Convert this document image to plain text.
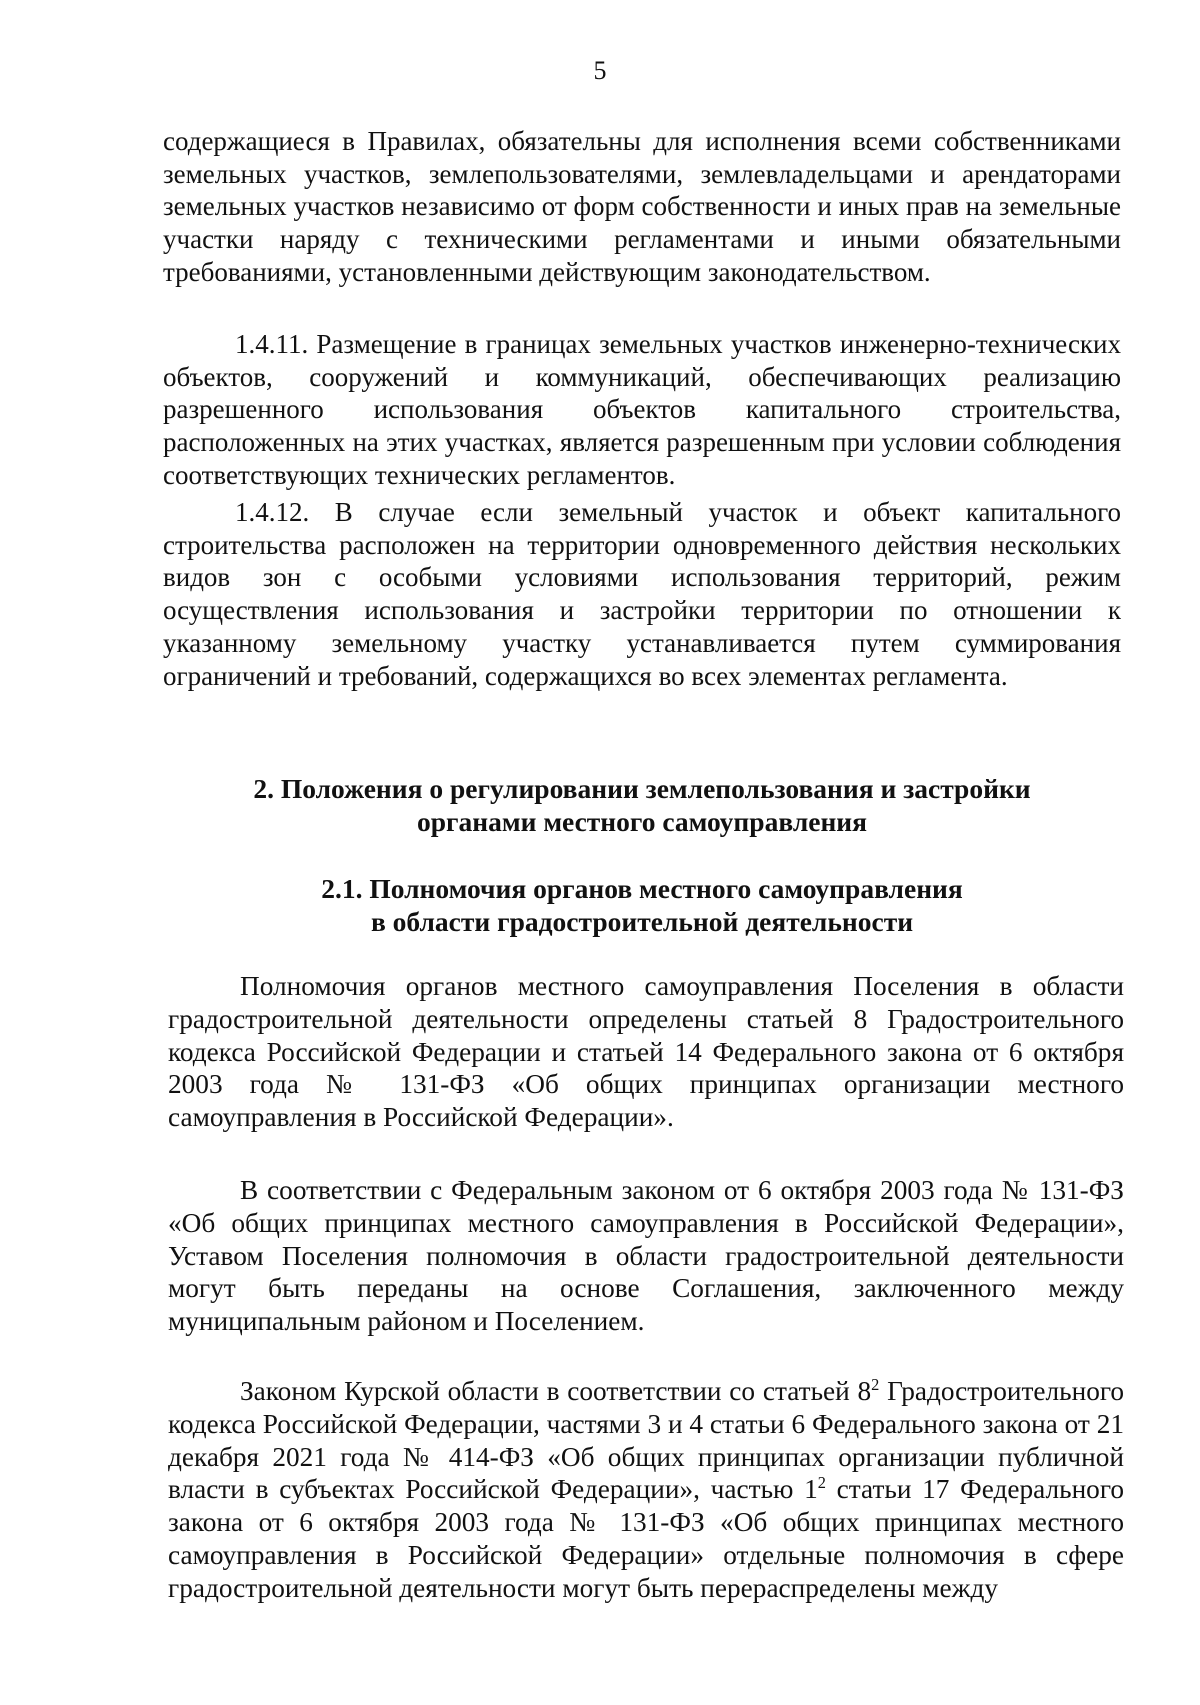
5

содержащиеся в Правилах, обязательны для исполнения всеми собственниками земельных участков, землепользователями, землевладельцами и арендаторами земельных участков независимо от форм собственности и иных прав на земельные участки наряду с техническими регламентами и иными обязательными требованиями, установленными действующим законодательством.

1.4.11. Размещение в границах земельных участков инженерно-технических объектов, сооружений и коммуникаций, обеспечивающих реализацию разрешенного использования объектов капитального строительства, расположенных на этих участках, является разрешенным при условии соблюдения соответствующих технических регламентов.

1.4.12. В случае если земельный участок и объект капитального строительства расположен на территории одновременного действия нескольких видов зон с особыми условиями использования территорий, режим осуществления использования и застройки территории по отношении к указанному земельному участку устанавливается путем суммирования ограничений и требований, содержащихся во всех элементах регламента.

2. Положения о регулировании землепользования и застройки
органами местного самоуправления
2.1. Полномочия органов местного самоуправления
в области градостроительной деятельности

Полномочия органов местного самоуправления Поселения в области градостроительной деятельности определены статьей 8 Градостроительного кодекса Российской Федерации и статьей 14 Федерального закона от 6 октября 2003 года № 131-ФЗ «Об общих принципах организации местного самоуправления в Российской Федерации».

В соответствии с Федеральным законом от 6 октября 2003 года № 131-ФЗ «Об общих принципах местного самоуправления в Российской Федерации», Уставом Поселения полномочия в области градостроительной деятельности могут быть переданы на основе Соглашения, заключенного между муниципальным районом и Поселением.

Законом Курской области в соответствии со статьей $8^2$ Градостроительного кодекса Российской Федерации, частями 3 и 4 статьи 6 Федерального закона от 21 декабря 2021 года № 414-ФЗ «Об общих принципах организации публичной власти в субъектах Российской Федерации», частью $1^2$ статьи 17 Федерального закона от 6 октября 2003 года № 131-ФЗ «Об общих принципах местного самоуправления в Российской Федерации» отдельные полномочия в сфере градостроительной деятельности могут быть перераспределены между
